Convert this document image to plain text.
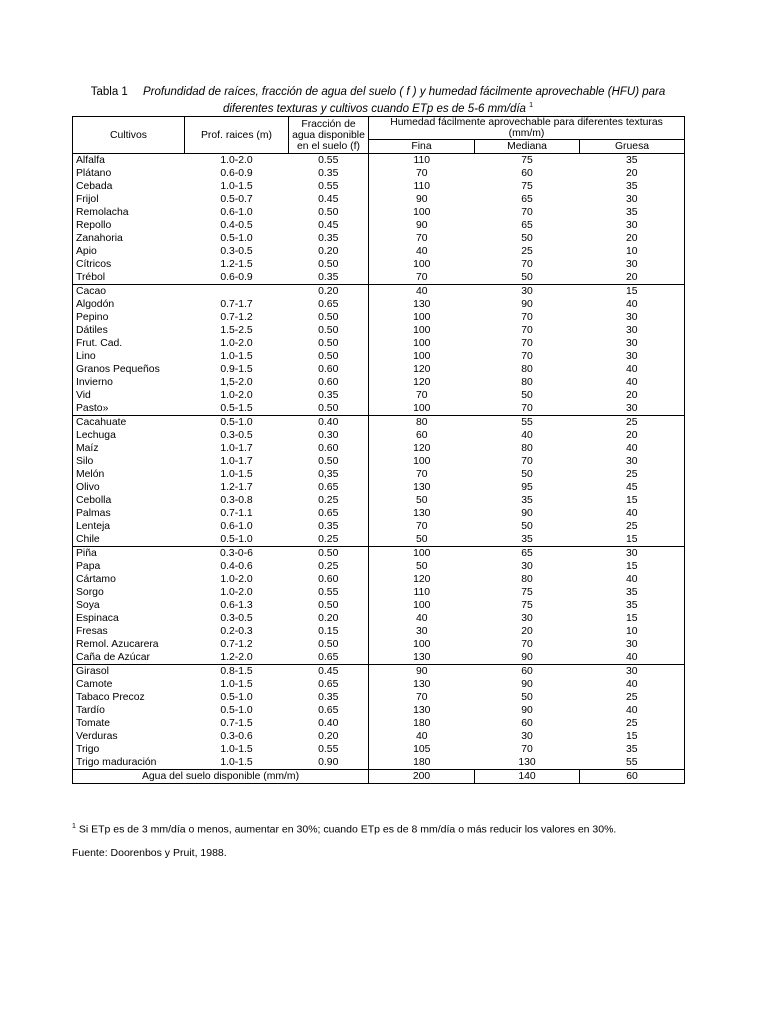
Tabla 1 Profundidad de raíces, fracción de agua del suelo ( f ) y humedad fácilmente aprovechable (HFU) para diferentes texturas y cultivos cuando ETp es de 5-6 mm/día $^1$
Cultivos	Prof. raices (m)	Fracción de agua disponible en el suelo (f)	Humedad fácilmente aprovechable para diferentes texturas (mm/m)		
			Fina	Mediana	Gruesa
Alfalfa	1.0-2.0	0.55	110	75	35
Plátano	0.6-0.9	0.35	70	60	20
Cebada	1.0-1.5	0.55	110	75	35
Frijol	0.5-0.7	0.45	90	65	30
Remolacha	0.6-1.0	0.50	100	70	35
Repollo	0.4-0.5	0.45	90	65	30
Zanahoria	0.5-1.0	0.35	70	50	20
Apio	0.3-0.5	0.20	40	25	10
Cítricos	1.2-1.5	0.50	100	70	30
Trébol	0.6-0.9	0.35	70	50	20
Cacao		0.20	40	30	15
Algodón	0.7-1.7	0.65	130	90	40
Pepino	0.7-1.2	0.50	100	70	30
Dátiles	1.5-2.5	0.50	100	70	30
Frut. Cad.	1.0-2.0	0.50	100	70	30
Lino	1.0-1.5	0.50	100	70	30
Granos Pequeños	0.9-1.5	0.60	120	80	40
Invierno	1,5-2.0	0.60	120	80	40
Vid	1.0-2.0	0.35	70	50	20
Pasto»	0.5-1.5	0.50	100	70	30
Cacahuate	0.5-1.0	0.40	80	55	25
Lechuga	0.3-0.5	0.30	60	40	20
Maíz	1.0-1.7	0.60	120	80	40
Silo	1.0-1.7	0.50	100	70	30
Melón	1.0-1.5	0,35	70	50	25
Olivo	1.2-1.7	0.65	130	95	45
Cebolla	0.3-0.8	0.25	50	35	15
Palmas	0.7-1.1	0.65	130	90	40
Lenteja	0.6-1.0	0.35	70	50	25
Chile	0.5-1.0	0.25	50	35	15
Piña	0.3-0-6	0.50	100	65	30
Papa	0.4-0.6	0.25	50	30	15
Cártamo	1.0-2.0	0.60	120	80	40
Sorgo	1.0-2.0	0.55	110	75	35
Soya	0.6-1.3	0.50	100	75	35
Espinaca	0.3-0.5	0.20	40	30	15
Fresas	0.2-0.3	0.15	30	20	10
Remol. Azucarera	0.7-1.2	0.50	100	70	30
Caña de Azúcar	1.2-2.0	0.65	130	90	40
Girasol	0.8-1.5	0.45	90	60	30
Camote	1.0-1.5	0.65	130	90	40
Tabaco Precoz	0.5-1.0	0.35	70	50	25
Tardío	0.5-1.0	0.65	130	90	40
Tomate	0.7-1.5	0.40	180	60	25
Verduras	0.3-0.6	0.20	40	30	15
Trigo	1.0-1.5	0.55	105	70	35
Trigo maduración	1.0-1.5	0.90	180	130	55
Agua del suelo disponible (mm/m)			200	140	60
$^1$ Si ETp es de 3 mm/día o menos, aumentar en 30%; cuando ETp es de 8 mm/día o más reducir los valores en 30%.
Fuente: Doorenbos y Pruit, 1988.
